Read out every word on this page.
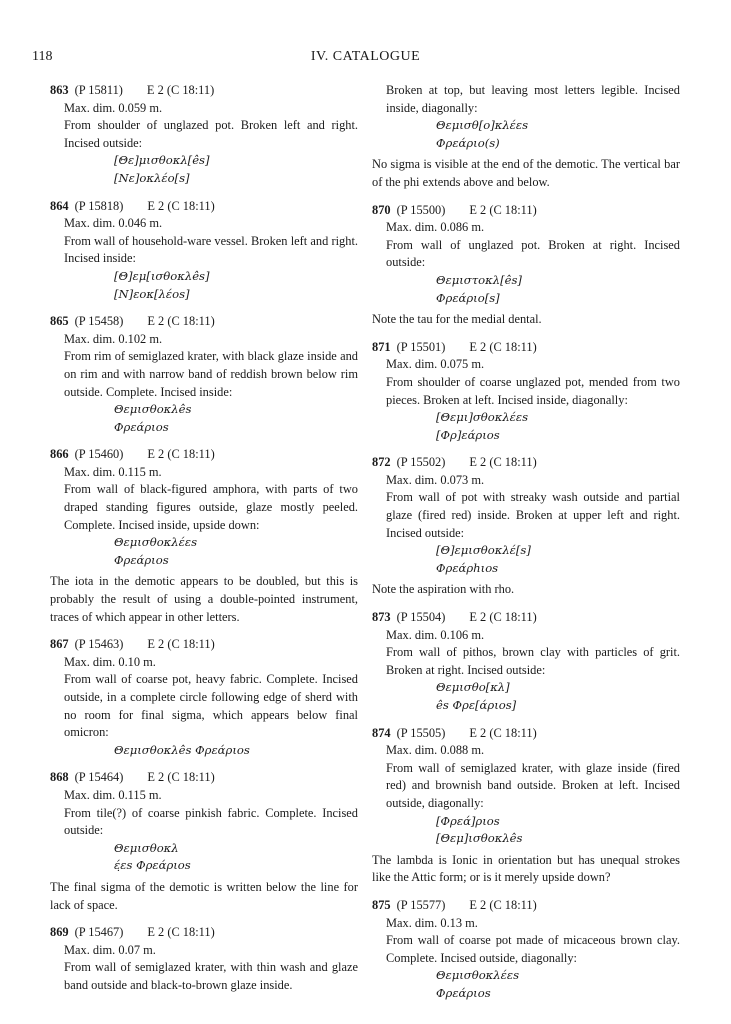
118	IV. CATALOGUE
863 (P 15811) E 2 (C 18:11)
Max. dim. 0.059 m.
From shoulder of unglazed pot. Broken left and right. Incised outside:
[Θε]μισθοκλ[ês]
[Νε]οκλέο[s]
864 (P 15818) E 2 (C 18:11)
Max. dim. 0.046 m.
From wall of household-ware vessel. Broken left and right. Incised inside:
[Θ]εμ[ισθοκλês]
[Ν]εοκ[λέοs]
865 (P 15458) E 2 (C 18:11)
Max. dim. 0.102 m.
From rim of semiglazed krater, with black glaze inside and on rim and with narrow band of reddish brown below rim outside. Complete. Incised inside:
Θεμισθοκλês
Φρεάριοs
866 (P 15460) E 2 (C 18:11)
Max. dim. 0.115 m.
From wall of black-figured amphora, with parts of two draped standing figures outside, glaze mostly peeled. Complete. Incised inside, upside down:
Θεμισθοκλέεs
Φρεάριοs
The iota in the demotic appears to be doubled, but this is probably the result of using a double-pointed instrument, traces of which appear in other letters.
867 (P 15463) E 2 (C 18:11)
Max. dim. 0.10 m.
From wall of coarse pot, heavy fabric. Complete. Incised outside, in a complete circle following edge of sherd with no room for final sigma, which appears below final omicron:
Θεμισθοκλês Φρεάριοs
868 (P 15464) E 2 (C 18:11)
Max. dim. 0.115 m.
From tile(?) of coarse pinkish fabric. Complete. Incised outside:
Θεμισθοκλ
έ̣εs Φρεάριοs
The final sigma of the demotic is written below the line for lack of space.
869 (P 15467) E 2 (C 18:11)
Max. dim. 0.07 m.
From wall of semiglazed krater, with thin wash and glaze band outside and black-to-brown glaze inside.
Broken at top, but leaving most letters legible. Incised inside, diagonally:
Θεμισθ[ο]κλέεs
Φρεάριο(s)
No sigma is visible at the end of the demotic. The vertical bar of the phi extends above and below.
870 (P 15500) E 2 (C 18:11)
Max. dim. 0.086 m.
From wall of unglazed pot. Broken at right. Incised outside:
Θεμιστοκλ[ês]
Φρεάριο[s]
Note the tau for the medial dental.
871 (P 15501) E 2 (C 18:11)
Max. dim. 0.075 m.
From shoulder of coarse unglazed pot, mended from two pieces. Broken at left. Incised inside, diagonally:
[Θεμι]σθοκλέεs
[Φρ]εάριοs
872 (P 15502) E 2 (C 18:11)
Max. dim. 0.073 m.
From wall of pot with streaky wash outside and partial glaze (fired red) inside. Broken at upper left and right. Incised outside:
[Θ]εμισθοκλέ[s]
Φρεάρhιοs
Note the aspiration with rho.
873 (P 15504) E 2 (C 18:11)
Max. dim. 0.106 m.
From wall of pithos, brown clay with particles of grit. Broken at right. Incised outside:
Θεμισθο[κλ]
ês Φρε[άριοs]
874 (P 15505) E 2 (C 18:11)
Max. dim. 0.088 m.
From wall of semiglazed krater, with glaze inside (fired red) and brownish band outside. Broken at left. Incised outside, diagonally:
[Φρεά]ριοs
[Θεμ]ισθοκλês
The lambda is Ionic in orientation but has unequal strokes like the Attic form; or is it merely upside down?
875 (P 15577) E 2 (C 18:11)
Max. dim. 0.13 m.
From wall of coarse pot made of micaceous brown clay. Complete. Incised outside, diagonally:
Θεμισθοκλέεs
Φρεάριοs
